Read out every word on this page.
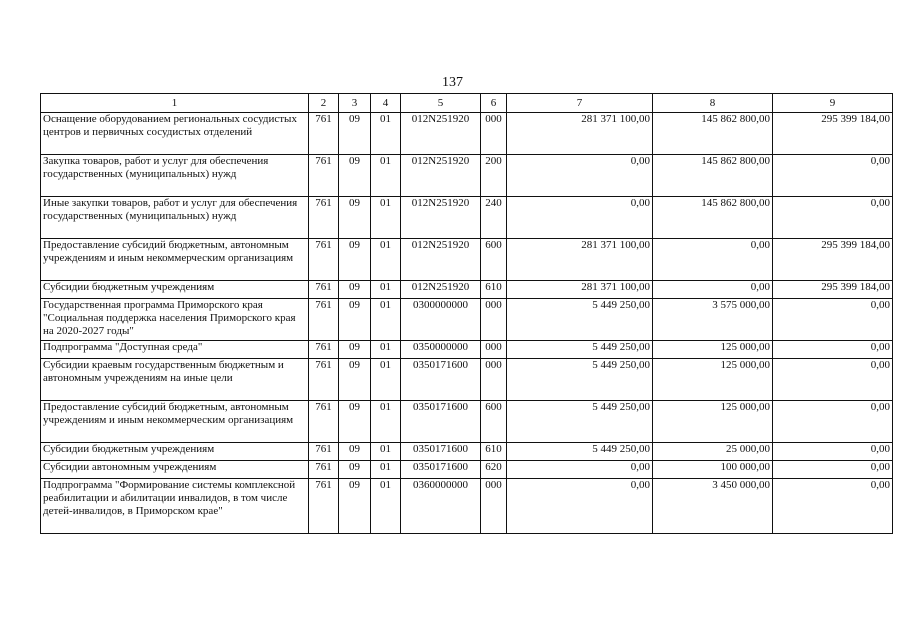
137
1	2	3	4	5	6	7	8	9
Оснащение оборудованием региональных сосудистых центров и первичных сосудистых отделений	761	09	01	012N251920	000	281 371 100,00	145 862 800,00	295 399 184,00
Закупка товаров, работ и услуг для обеспечения государственных (муниципальных) нужд	761	09	01	012N251920	200	0,00	145 862 800,00	0,00
Иные закупки товаров, работ и услуг для обеспечения государственных (муниципальных) нужд	761	09	01	012N251920	240	0,00	145 862 800,00	0,00
Предоставление субсидий бюджетным, автономным учреждениям и иным некоммерческим организациям	761	09	01	012N251920	600	281 371 100,00	0,00	295 399 184,00
Субсидии бюджетным учреждениям	761	09	01	012N251920	610	281 371 100,00	0,00	295 399 184,00
Государственная программа Приморского края "Социальная поддержка населения Приморского края на 2020-2027 годы"	761	09	01	0300000000	000	5 449 250,00	3 575 000,00	0,00
Подпрограмма "Доступная среда"	761	09	01	0350000000	000	5 449 250,00	125 000,00	0,00
Субсидии краевым государственным бюджетным и автономным учреждениям на иные цели	761	09	01	0350171600	000	5 449 250,00	125 000,00	0,00
Предоставление субсидий бюджетным, автономным учреждениям и иным некоммерческим организациям	761	09	01	0350171600	600	5 449 250,00	125 000,00	0,00
Субсидии бюджетным учреждениям	761	09	01	0350171600	610	5 449 250,00	25 000,00	0,00
Субсидии автономным учреждениям	761	09	01	0350171600	620	0,00	100 000,00	0,00
Подпрограмма "Формирование системы комплексной реабилитации и абилитации инвалидов, в том числе детей-инвалидов, в Приморском крае"	761	09	01	0360000000	000	0,00	3 450 000,00	0,00
